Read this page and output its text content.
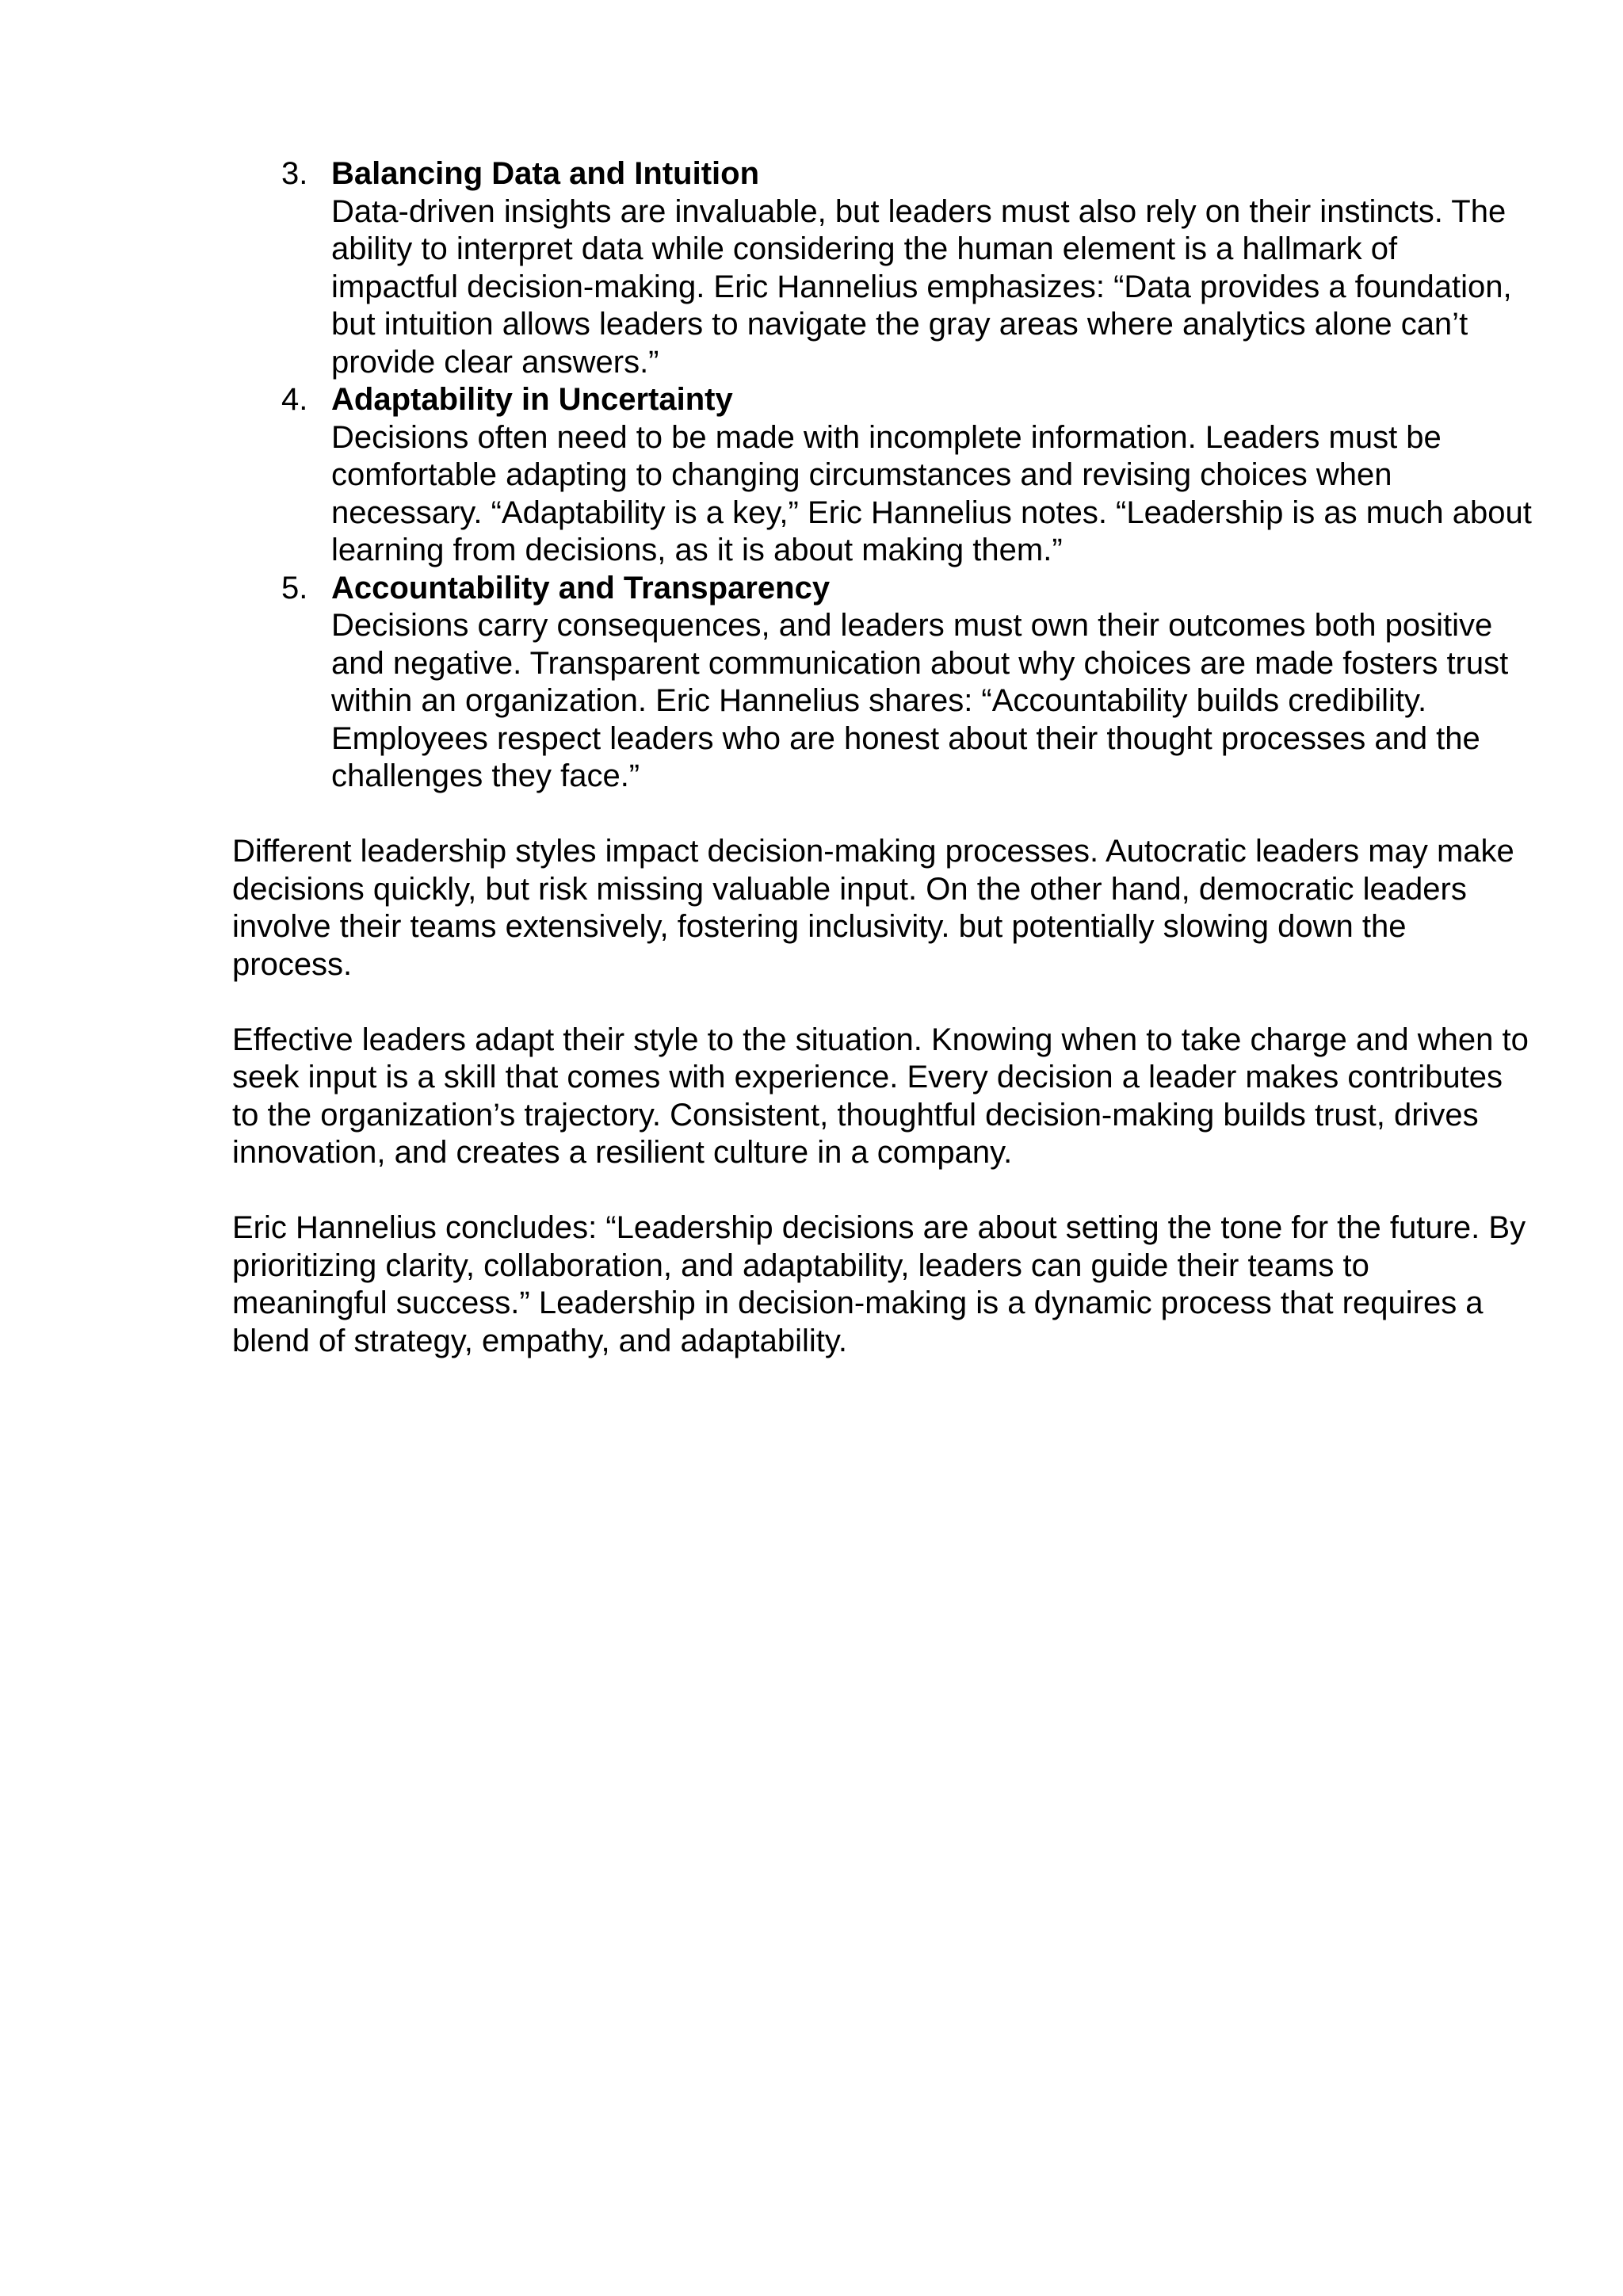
3. Balancing Data and Intuition
Data-driven insights are invaluable, but leaders must also rely on their instincts. The ability to interpret data while considering the human element is a hallmark of impactful decision-making. Eric Hannelius emphasizes: “Data provides a foundation, but intuition allows leaders to navigate the gray areas where analytics alone can’t provide clear answers.”
4. Adaptability in Uncertainty
Decisions often need to be made with incomplete information. Leaders must be comfortable adapting to changing circumstances and revising choices when necessary. “Adaptability is a key,” Eric Hannelius notes. “Leadership is as much about learning from decisions, as it is about making them.”
5. Accountability and Transparency
Decisions carry consequences, and leaders must own their outcomes both positive and negative. Transparent communication about why choices are made fosters trust within an organization. Eric Hannelius shares: “Accountability builds credibility. Employees respect leaders who are honest about their thought processes and the challenges they face.”

Different leadership styles impact decision-making processes. Autocratic leaders may make decisions quickly, but risk missing valuable input. On the other hand, democratic leaders involve their teams extensively, fostering inclusivity. but potentially slowing down the process.

Effective leaders adapt their style to the situation. Knowing when to take charge and when to seek input is a skill that comes with experience. Every decision a leader makes contributes to the organization’s trajectory. Consistent, thoughtful decision-making builds trust, drives innovation, and creates a resilient culture in a company.

Eric Hannelius concludes: “Leadership decisions are about setting the tone for the future. By prioritizing clarity, collaboration, and adaptability, leaders can guide their teams to meaningful success.” Leadership in decision-making is a dynamic process that requires a blend of strategy, empathy, and adaptability.
